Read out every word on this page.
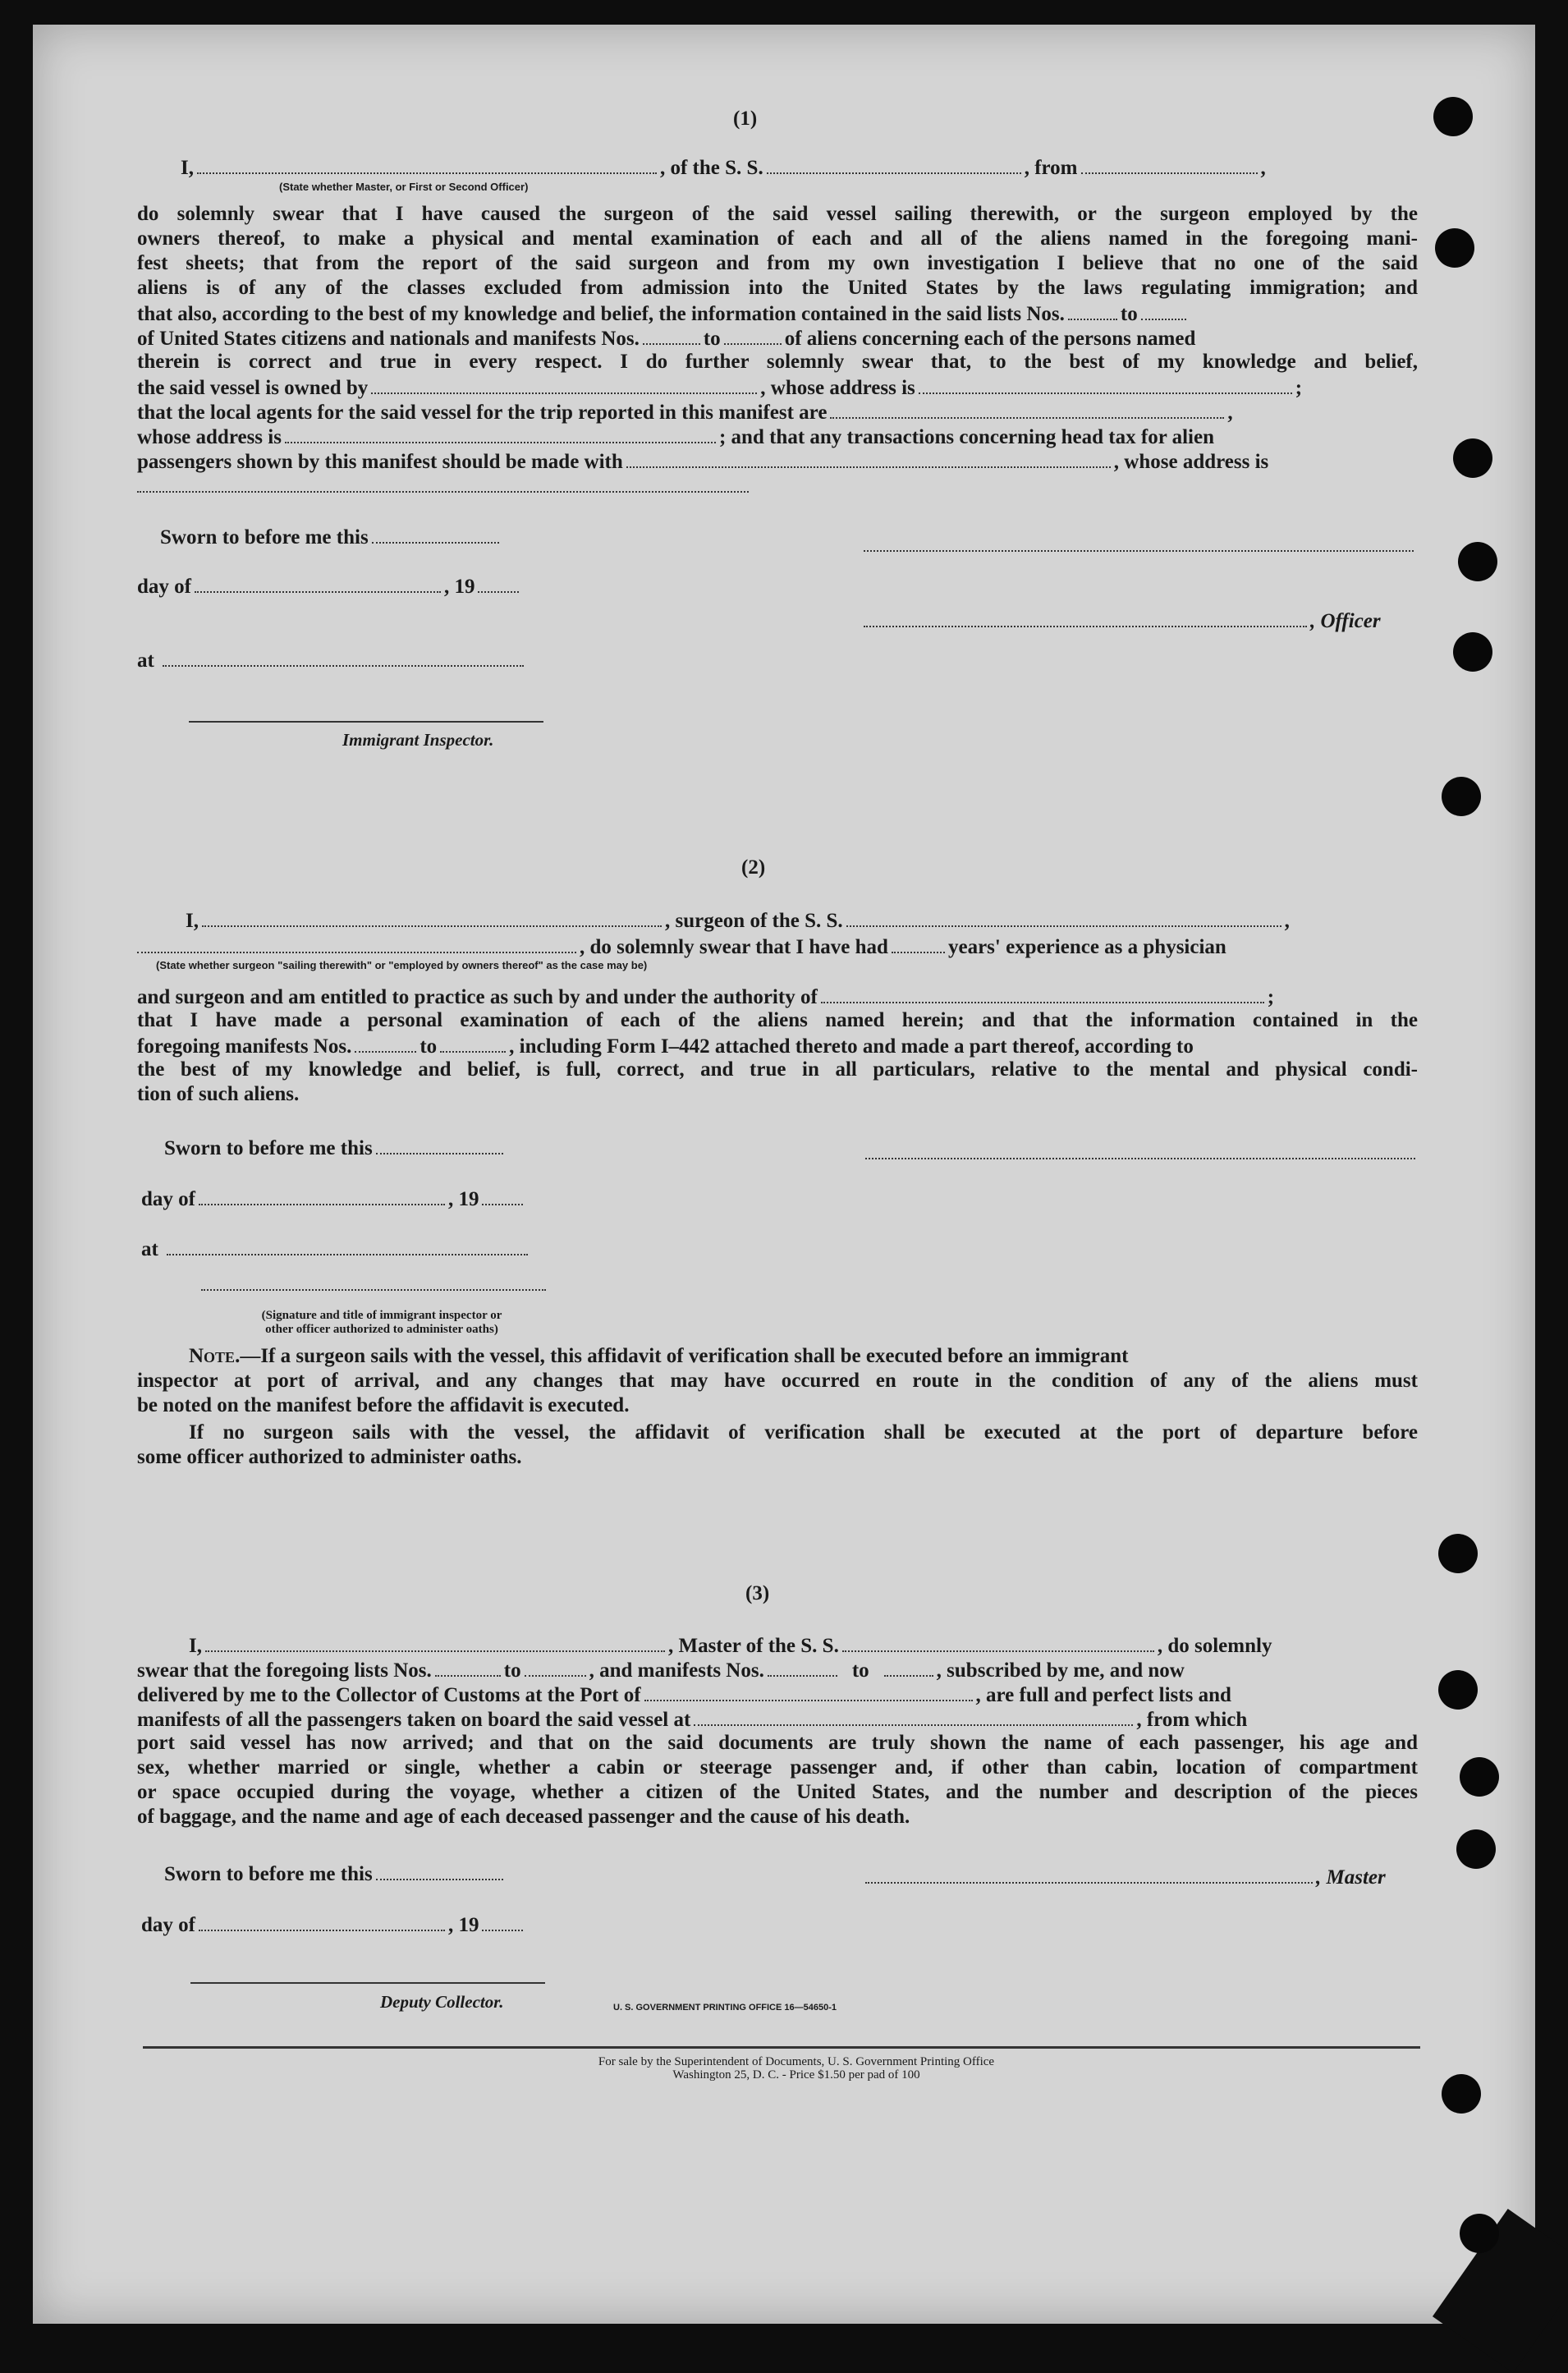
(1)
I,	, of the S. S.	, from	,
(State whether Master, or First or Second Officer)
do solemnly swear that I have caused the surgeon of the said vessel sailing therewith, or the surgeon employed by the
owners thereof, to make a physical and mental examination of each and all of the aliens named in the foregoing mani-
fest sheets; that from the report of the said surgeon and from my own investigation I believe that no one of the said
aliens is of any of the classes excluded from admission into the United States by the laws regulating immigration; and
that also, according to the best of my knowledge and belief, the information contained in the said lists Nos.	to
of United States citizens and nationals and manifests Nos.	to	of aliens concerning each of the persons named
therein is correct and true in every respect. I do further solemnly swear that, to the best of my knowledge and belief,
the said vessel is owned by	, whose address is	;
that the local agents for the said vessel for the trip reported in this manifest are	,
whose address is	; and that any transactions concerning head tax for alien
passengers shown by this manifest should be made with	, whose address is
Sworn to before me this
day of	, 19
, Officer
at
Immigrant Inspector.
(2)
I,	, surgeon of the S. S.	,
, do solemnly swear that I have had	years' experience as a physician
(State whether surgeon "sailing therewith" or "employed by owners thereof" as the case may be)
and surgeon and am entitled to practice as such by and under the authority of	;
that I have made a personal examination of each of the aliens named herein; and that the information contained in the
foregoing manifests Nos.	to	, including Form I–442 attached thereto and made a part thereof, according to
the best of my knowledge and belief, is full, correct, and true in all particulars, relative to the mental and physical condi-
tion of such aliens.
Sworn to before me this
day of	, 19
at
(Signature and title of immigrant inspector or
other officer authorized to administer oaths)
Note.—If a surgeon sails with the vessel, this affidavit of verification shall be executed before an immigrant
inspector at port of arrival, and any changes that may have occurred en route in the condition of any of the aliens must
be noted on the manifest before the affidavit is executed.
If no surgeon sails with the vessel, the affidavit of verification shall be executed at the port of departure before
some officer authorized to administer oaths.
(3)
I,	, Master of the S. S.	, do solemnly
swear that the foregoing lists Nos.	to	, and manifests Nos.	to	, subscribed by me, and now
delivered by me to the Collector of Customs at the Port of	, are full and perfect lists and
manifests of all the passengers taken on board the said vessel at	, from which
port said vessel has now arrived; and that on the said documents are truly shown the name of each passenger, his age and
sex, whether married or single, whether a cabin or steerage passenger and, if other than cabin, location of compartment
or space occupied during the voyage, whether a citizen of the United States, and the number and description of the pieces
of baggage, and the name and age of each deceased passenger and the cause of his death.
Sworn to before me this	, Master
day of	, 19
Deputy Collector.	U. S. GOVERNMENT PRINTING OFFICE 16—54650-1
For sale by the Superintendent of Documents, U. S. Government Printing Office
Washington 25, D. C. - Price $1.50 per pad of 100
